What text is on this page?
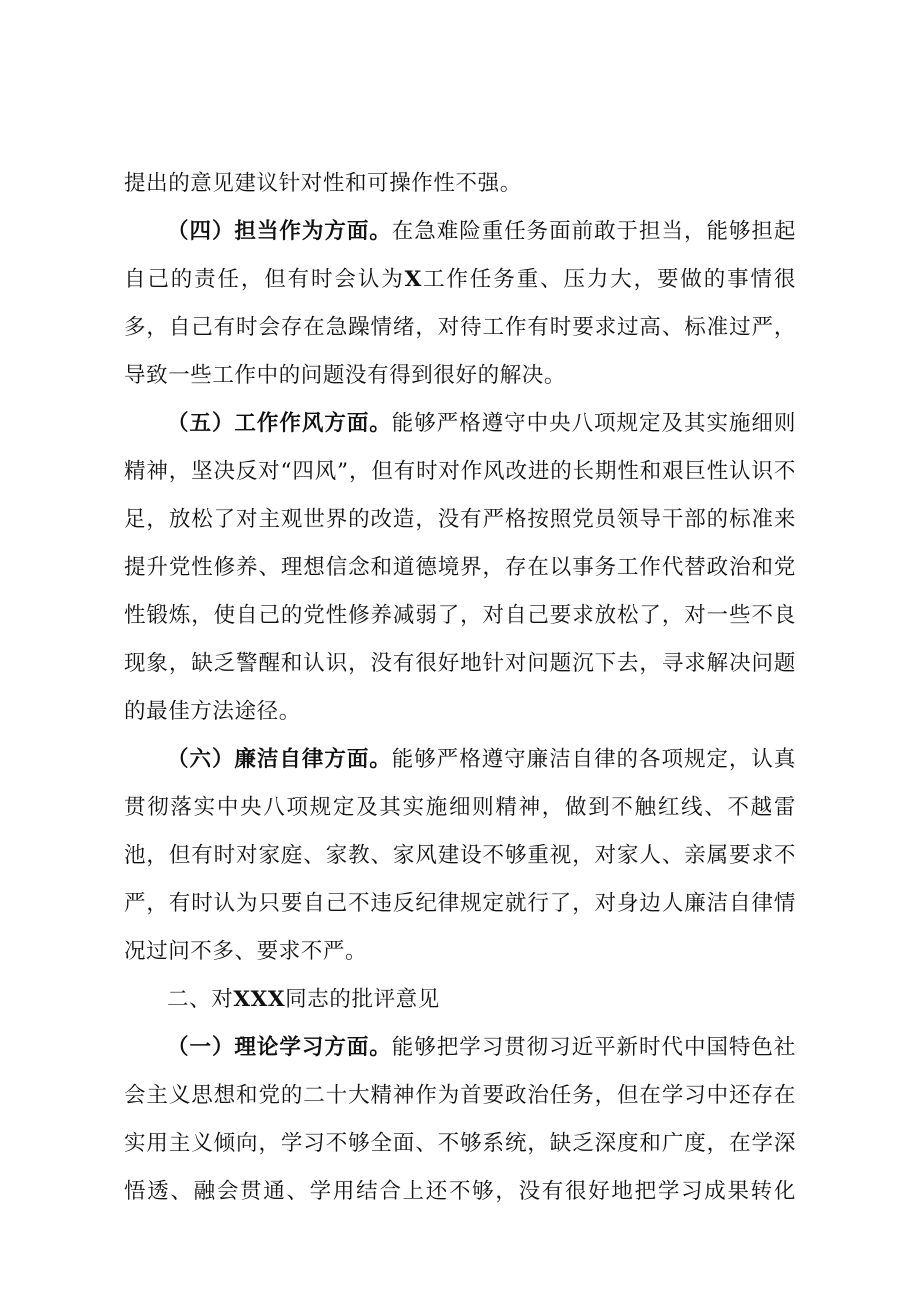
提出的意见建议针对性和可操作性不强。

（四）担当作为方面。在急难险重任务面前敢于担当，能够担起自己的责任，但有时会认为X工作任务重、压力大，要做的事情很多，自己有时会存在急躁情绪，对待工作有时要求过高、标准过严，导致一些工作中的问题没有得到很好的解决。

（五）工作作风方面。能够严格遵守中央八项规定及其实施细则精神，坚决反对“四风”，但有时对作风改进的长期性和艰巨性认识不足，放松了对主观世界的改造，没有严格按照党员领导干部的标准来提升党性修养、理想信念和道德境界，存在以事务工作代替政治和党性锻炼，使自己的党性修养减弱了，对自己要求放松了，对一些不良现象，缺乏警醒和认识，没有很好地针对问题沉下去，寻求解决问题的最佳方法途径。

（六）廉洁自律方面。能够严格遵守廉洁自律的各项规定，认真贯彻落实中央八项规定及其实施细则精神，做到不触红线、不越雷池，但有时对家庭、家教、家风建设不够重视，对家人、亲属要求不严，有时认为只要自己不违反纪律规定就行了，对身边人廉洁自律情况过问不多、要求不严。

二、对XXX同志的批评意见

（一）理论学习方面。能够把学习贯彻习近平新时代中国特色社会主义思想和党的二十大精神作为首要政治任务，但在学习中还存在实用主义倾向，学习不够全面、不够系统，缺乏深度和广度，在学深悟透、融会贯通、学用结合上还不够，没有很好地把学习成果转化
